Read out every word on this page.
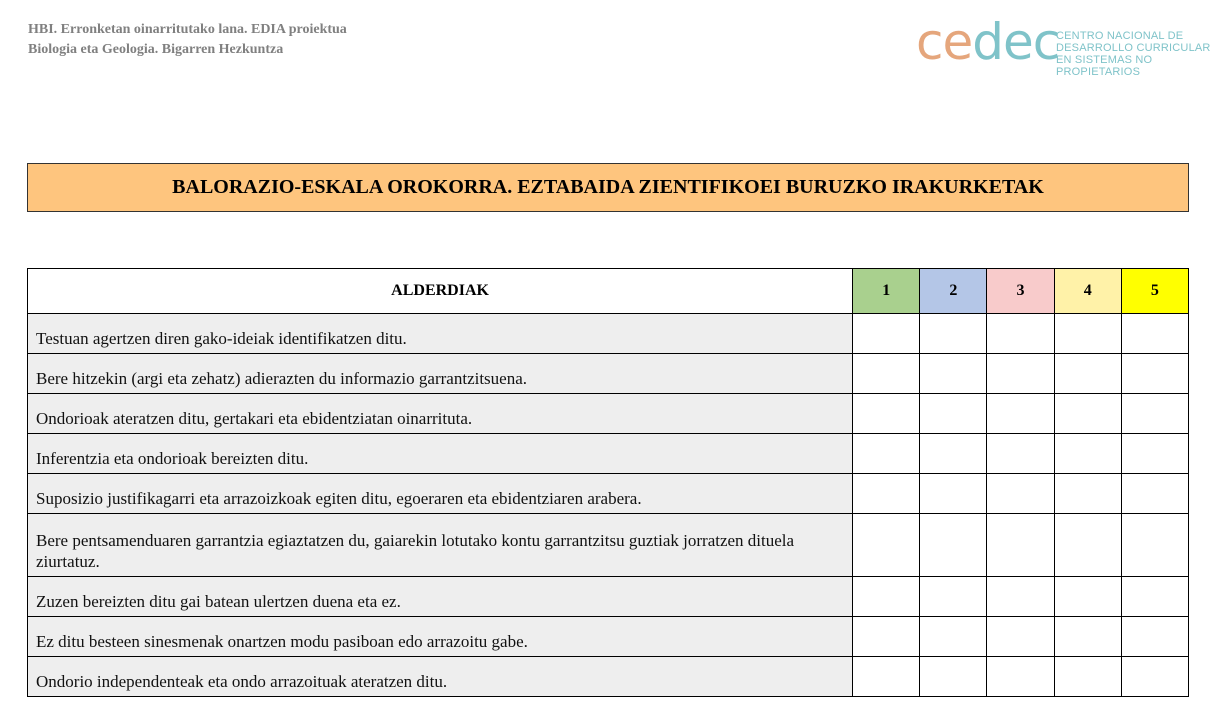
HBI. Erronketan oinarritutako lana. EDIA proiektua
Biologia eta Geologia. Bigarren Hezkuntza	cedec
CENTRO NACIONAL DE
DESARROLLO CURRICULAR
EN SISTEMAS NO PROPIETARIOS
BALORAZIO-ESKALA OROKORRA. EZTABAIDA ZIENTIFIKOEI BURUZKO IRAKURKETAK
ALDERDIAK	1	2	3	4	5
Testuan agertzen diren gako-ideiak identifikatzen ditu.					
Bere hitzekin (argi eta zehatz) adierazten du informazio garrantzitsuena.					
Ondorioak ateratzen ditu, gertakari eta ebidentziatan oinarrituta.					
Inferentzia eta ondorioak bereizten ditu.					
Suposizio justifikagarri eta arrazoizkoak egiten ditu, egoeraren eta ebidentziaren arabera.					
Bere pentsamenduaren garrantzia egiaztatzen du, gaiarekin lotutako kontu garrantzitsu guztiak jorratzen dituela ziurtatuz.					
Zuzen bereizten ditu gai batean ulertzen duena eta ez.					
Ez ditu besteen sinesmenak onartzen modu pasiboan edo arrazoitu gabe.					
Ondorio independenteak eta ondo arrazoituak ateratzen ditu.					
